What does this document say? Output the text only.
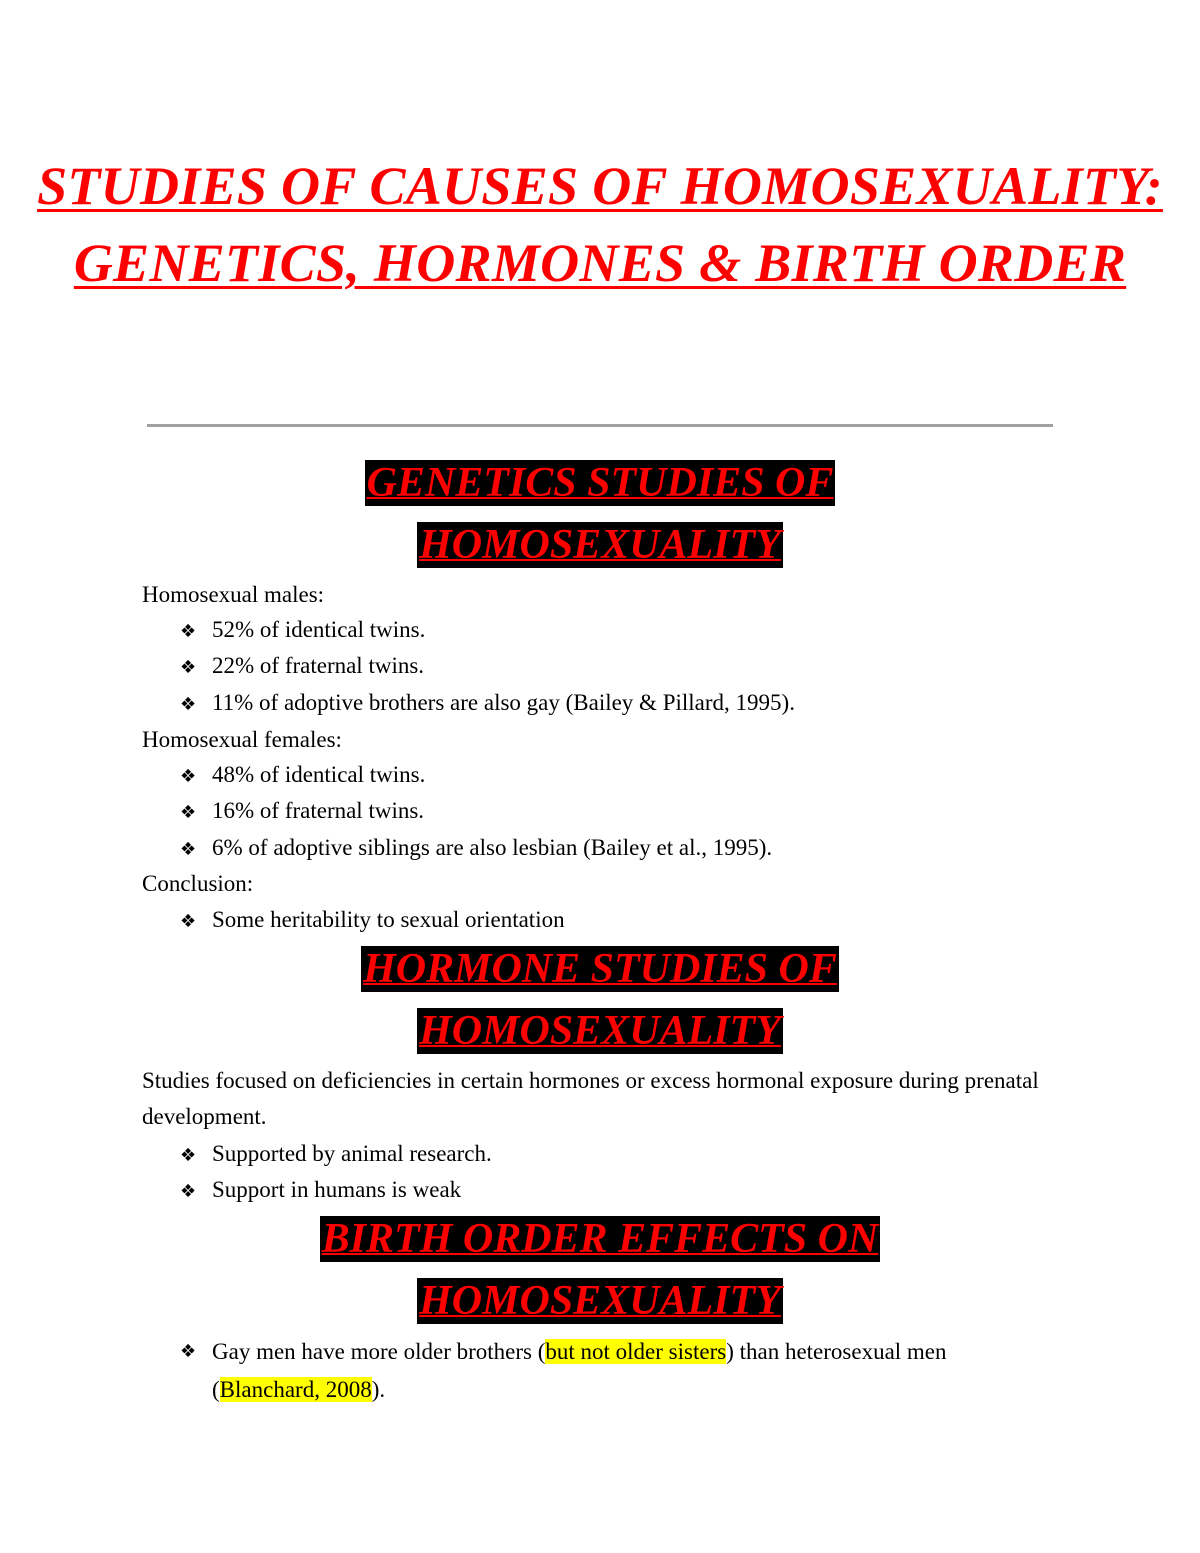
STUDIES OF CAUSES OF HOMOSEXUALITY: GENETICS, HORMONES & BIRTH ORDER
GENETICS STUDIES OF HOMOSEXUALITY

Homosexual males:

❖ 52% of identical twins.

❖ 22% of fraternal twins.

❖ 11% of adoptive brothers are also gay (Bailey & Pillard, 1995).

Homosexual females:

❖ 48% of identical twins.

❖ 16% of fraternal twins.

❖ 6% of adoptive siblings are also lesbian (Bailey et al., 1995).

Conclusion:

❖ Some heritability to sexual orientation

HORMONE STUDIES OF HOMOSEXUALITY

Studies focused on deficiencies in certain hormones or excess hormonal exposure during prenatal development.

❖ Supported by animal research.

❖ Support in humans is weak

BIRTH ORDER EFFECTS ON HOMOSEXUALITY

❖ Gay men have more older brothers (but not older sisters) than heterosexual men (Blanchard, 2008).
